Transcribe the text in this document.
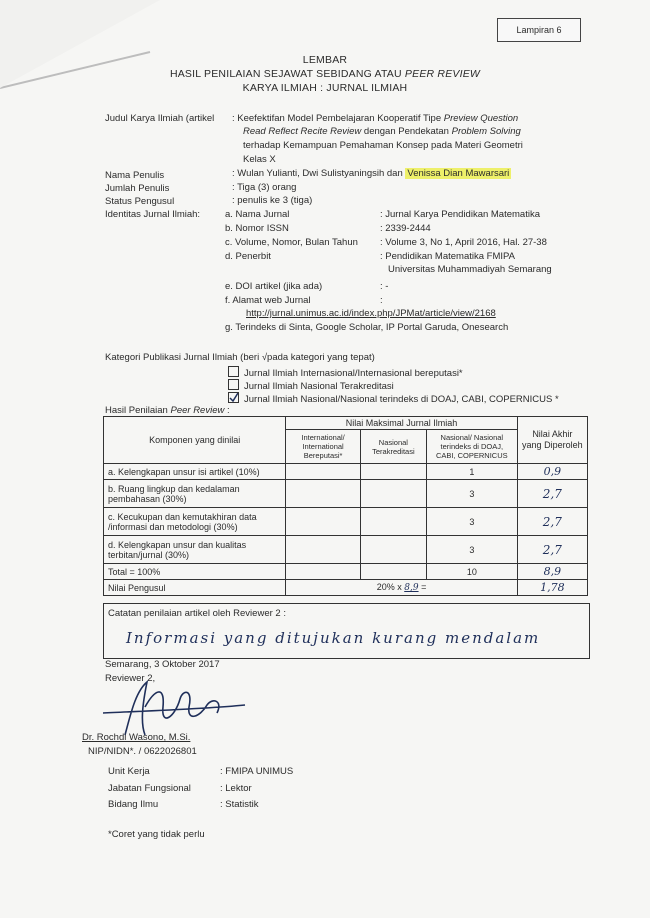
Lampiran 6
LEMBAR
HASIL PENILAIAN SEJAWAT SEBIDANG ATAU PEER REVIEW
KARYA ILMIAH : JURNAL ILMIAH
Judul Karya Ilmiah (artikel : Keefektifan Model Pembelajaran Kooperatif Tipe Preview Question
Read Reflect Recite Review dengan Pendekatan Problem Solving
terhadap Kemampuan Pemahaman Konsep pada Materi Geometri
Kelas X
Nama Penulis	: Wulan Yulianti, Dwi Sulistyaningsih dan Venissa Dian Mawarsari
Jumlah Penulis	: Tiga (3) orang
Status Pengusul	: penulis ke 3 (tiga)
Identitas Jurnal Ilmiah:	a. Nama Jurnal	: Jurnal Karya Pendidikan Matematika
b. Nomor ISSN	: 2339-2444
c. Volume, Nomor, Bulan Tahun : Volume 3, No 1, April 2016, Hal. 27-38
d. Penerbit	: Pendidikan Matematika FMIPA
Universitas Muhammadiyah Semarang
e. DOI artikel (jika ada)	: -
f. Alamat web Jurnal	:
http://jurnal.unimus.ac.id/index.php/JPMat/article/view/2168
g. Terindeks di Sinta, Google Scholar, IP Portal Garuda, Onesearch
Kategori Publikasi Jurnal Ilmiah (beri √pada kategori yang tepat)
Jurnal Ilmiah Internasional/Internasional bereputasi*
Jurnal Ilmiah Nasional Terakreditasi
Jurnal Ilmiah Nasional/Nasional terindeks di DOAJ, CABI, COPERNICUS *
Hasil Penilaian Peer Review :
Komponen yang dinilai	Nilai Maksimal Jurnal Ilmiah			Nilai Akhir yang Diperoleh
	International/ International Bereputasi*	Nasional Terakreditasi	Nasional/ Nasional terindeks di DOAJ, CABI, COPERNICUS	
a. Kelengkapan unsur isi artikel (10%)			1	0,9
b. Ruang lingkup dan kedalaman pembahasan (30%)			3	2,7
c. Kecukupan dan kemutakhiran data /informasi dan metodologi (30%)			3	2,7
d. Kelengkapan unsur dan kualitas terbitan/jurnal (30%)			3	2,7
Total = 100%			10	8,9
Nilai Pengusul	20% x 8,9 =			1,78
Catatan penilaian artikel oleh Reviewer 2 :
Informasi yang ditujukan kurang mendalam
Semarang, 3 Oktober 2017
Reviewer 2,
Dr. Rochdi Wasono, M.Si.
NIP/NIDN*. / 0622026801
Unit Kerja	: FMIPA UNIMUS
Jabatan Fungsional	: Lektor
Bidang Ilmu	: Statistik
*Coret yang tidak perlu
